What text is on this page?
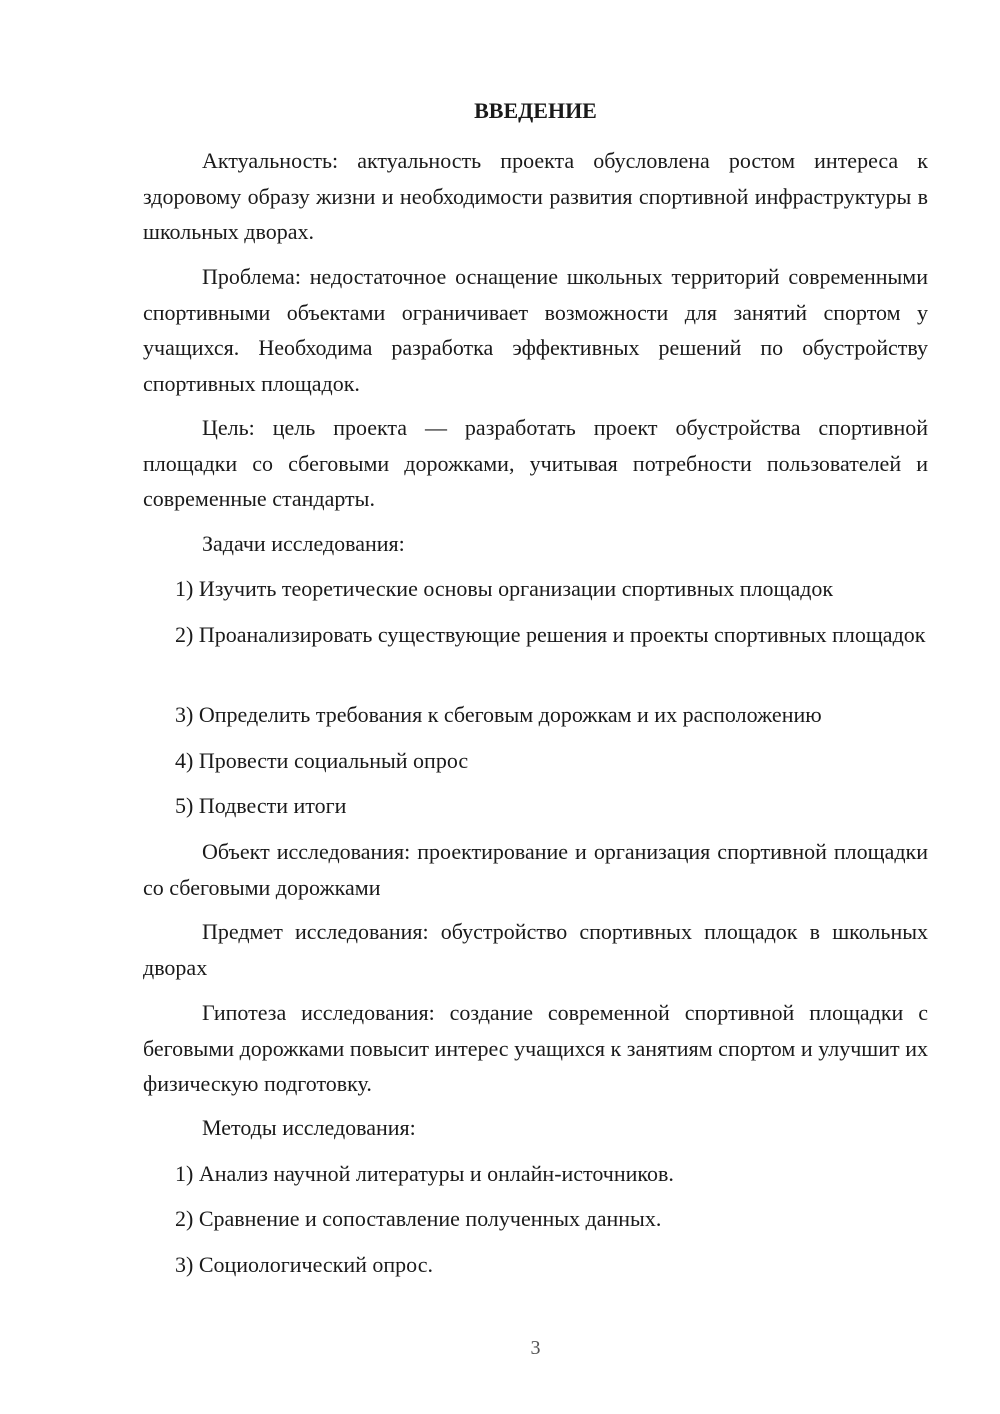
ВВЕДЕНИЕ

Актуальность: актуальность проекта обусловлена ростом интереса к здоровому образу жизни и необходимости развития спортивной инфраструктуры в школьных дворах.

Проблема: недостаточное оснащение школьных территорий современными спортивными объектами ограничивает возможности для занятий спортом у учащихся. Необходима разработка эффективных решений по обустройству спортивных площадок.

Цель: цель проекта — разработать проект обустройства спортивной площадки со сбеговыми дорожками, учитывая потребности пользователей и современные стандарты.

Задачи исследования:

1) Изучить теоретические основы организации спортивных площадок

2) Проанализировать существующие решения и проекты спортивных площадок

3) Определить требования к сбеговым дорожкам и их расположению

4) Провести социальный опрос

5) Подвести итоги

Объект исследования: проектирование и организация спортивной площадки со сбеговыми дорожками

Предмет исследования: обустройство спортивных площадок в школьных дворах

Гипотеза исследования: создание современной спортивной площадки с беговыми дорожками повысит интерес учащихся к занятиям спортом и улучшит их физическую подготовку.

Методы исследования:

1) Анализ научной литературы и онлайн-источников.

2) Сравнение и сопоставление полученных данных.

3) Социологический опрос.

3
